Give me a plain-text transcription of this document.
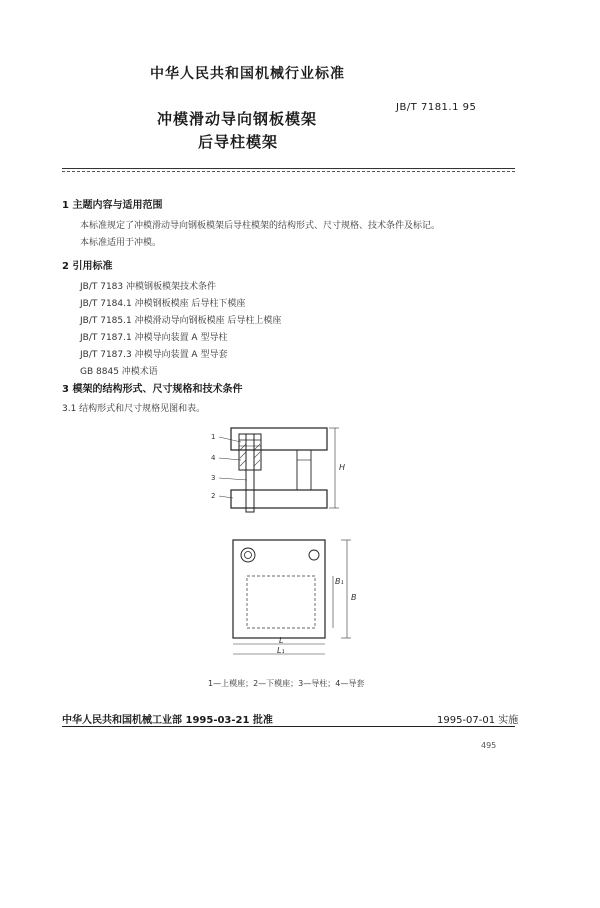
中华人民共和国机械行业标准
JB/T 7181.1 95
冲模滑动导向钢板模架
后导柱模架
1 主题内容与适用范围
本标准规定了冲模滑动导向钢板模架后导柱模架的结构形式、尺寸规格、技术条件及标记。
本标准适用于冲模。
2 引用标准
JB/T 7183 冲模钢板模架技术条件
JB/T 7184.1 冲模钢板模座 后导柱下模座
JB/T 7185.1 冲模滑动导向钢板模座 后导柱上模座
JB/T 7187.1 冲模导向装置 A 型导柱
JB/T 7187.3 冲模导向装置 A 型导套
GB 8845 冲模术语
3 模架的结构形式、尺寸规格和技术条件
3.1 结构形式和尺寸规格见图和表。
H
1
4
3
2
B
B₁
L
L₁
1—上模座；2—下模座；3—导柱；4—导套
中华人民共和国机械工业部 1995-03-21 批准	1995-07-01 实施
495
